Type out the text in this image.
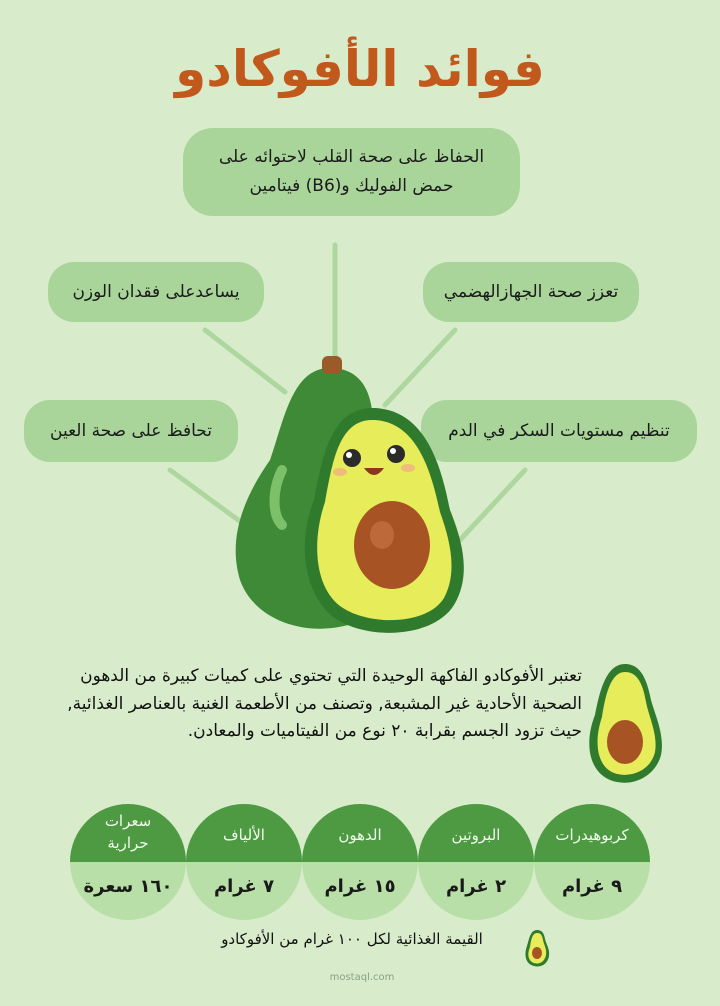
فوائد الأفوكادو
الحفاظ على صحة القلب لاحتوائه على
حمض الفوليك و(B6) فيتامين
يساعدعلى فقدان الوزن	تعزز صحة الجهازالهضمي
تحافظ على صحة العين	تنظيم مستويات السكر في الدم
تعتبر الأفوكادو الفاكهة الوحيدة التي تحتوي على كميات كبيرة من الدهون الصحية الأحادية غير المشبعة, وتصنف من الأطعمة الغنية بالعناصر الغذائية, حيث تزود الجسم بقرابة ٢٠ نوع من الفيتاميات والمعادن.
كربوهيدرات
٩ غرام
البروتين
٢ غرام
الدهون
١٥ غرام
الألياف
٧ غرام
سعرات حرارية
١٦٠ سعرة
القيمة الغذائية لكل ١٠٠ غرام من الأفوكادو
mostaql.com
